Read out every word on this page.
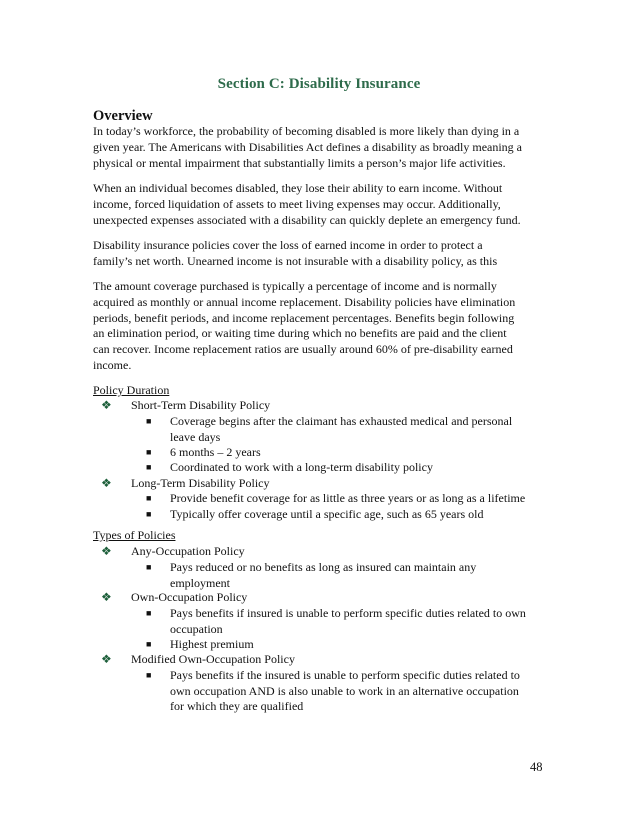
Section C: Disability Insurance
Overview
In today’s workforce, the probability of becoming disabled is more likely than dying in a
given year. The Americans with Disabilities Act defines a disability as broadly meaning a
physical or mental impairment that substantially limits a person’s major life activities.
When an individual becomes disabled, they lose their ability to earn income. Without
income, forced liquidation of assets to meet living expenses may occur. Additionally,
unexpected expenses associated with a disability can quickly deplete an emergency fund.
Disability insurance policies cover the loss of earned income in order to protect a
family’s net worth. Unearned income is not insurable with a disability policy, as this
The amount coverage purchased is typically a percentage of income and is normally
acquired as monthly or annual income replacement. Disability policies have elimination
periods, benefit periods, and income replacement percentages. Benefits begin following
an elimination period, or waiting time during which no benefits are paid and the client
can recover. Income replacement ratios are usually around 60% of pre-disability earned
income.
Policy Duration
❖ Short-Term Disability Policy
■ Coverage begins after the claimant has exhausted medical and personal
leave days
■ 6 months – 2 years
■ Coordinated to work with a long-term disability policy
❖ Long-Term Disability Policy
■ Provide benefit coverage for as little as three years or as long as a lifetime
■ Typically offer coverage until a specific age, such as 65 years old
Types of Policies
❖ Any-Occupation Policy
■ Pays reduced or no benefits as long as insured can maintain any
employment
❖ Own-Occupation Policy
■ Pays benefits if insured is unable to perform specific duties related to own
occupation
■ Highest premium
❖ Modified Own-Occupation Policy
■ Pays benefits if the insured is unable to perform specific duties related to
own occupation AND is also unable to work in an alternative occupation
for which they are qualified
48
